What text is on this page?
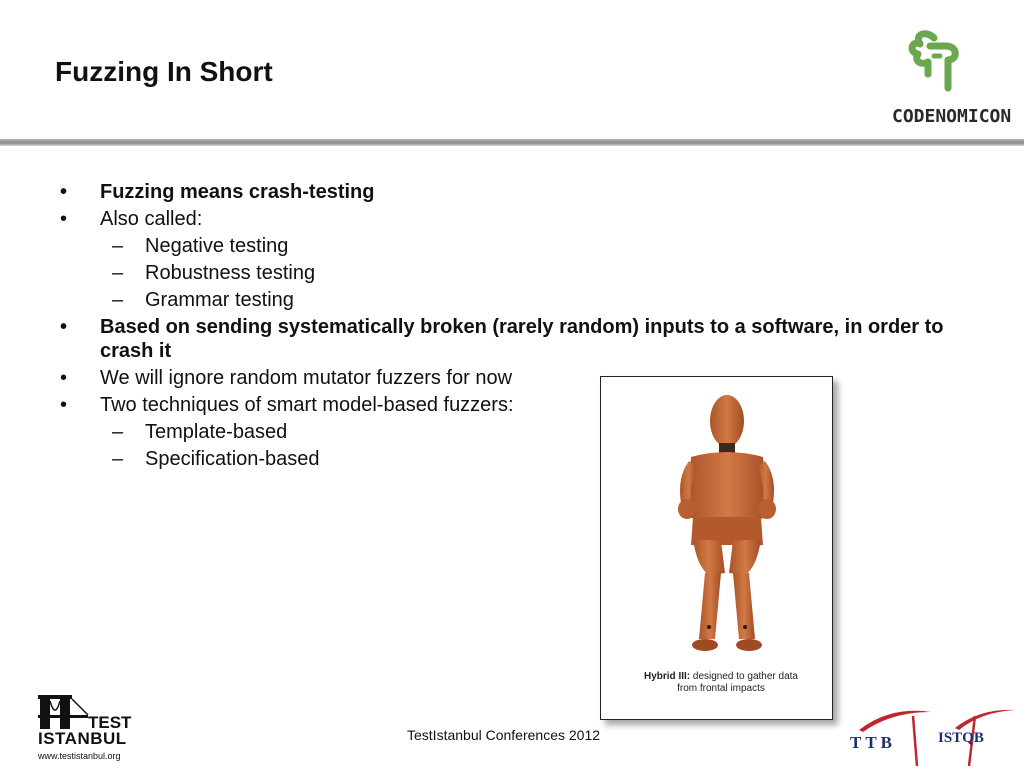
Fuzzing In Short
CODENOMICON
• Fuzzing means crash-testing
• Also called:
– Negative testing
– Robustness testing
– Grammar testing
• Based on sending systematically broken (rarely random) inputs to a software, in order to crash it
• We will ignore random mutator fuzzers for now
• Two techniques of smart model-based fuzzers:
– Template-based
– Specification-based
Hybrid III: designed to gather data
from frontal impacts
TEST
ISTANBUL
www.testistanbul.org
TestIstanbul Conferences 2012	TTB	ISTQB
